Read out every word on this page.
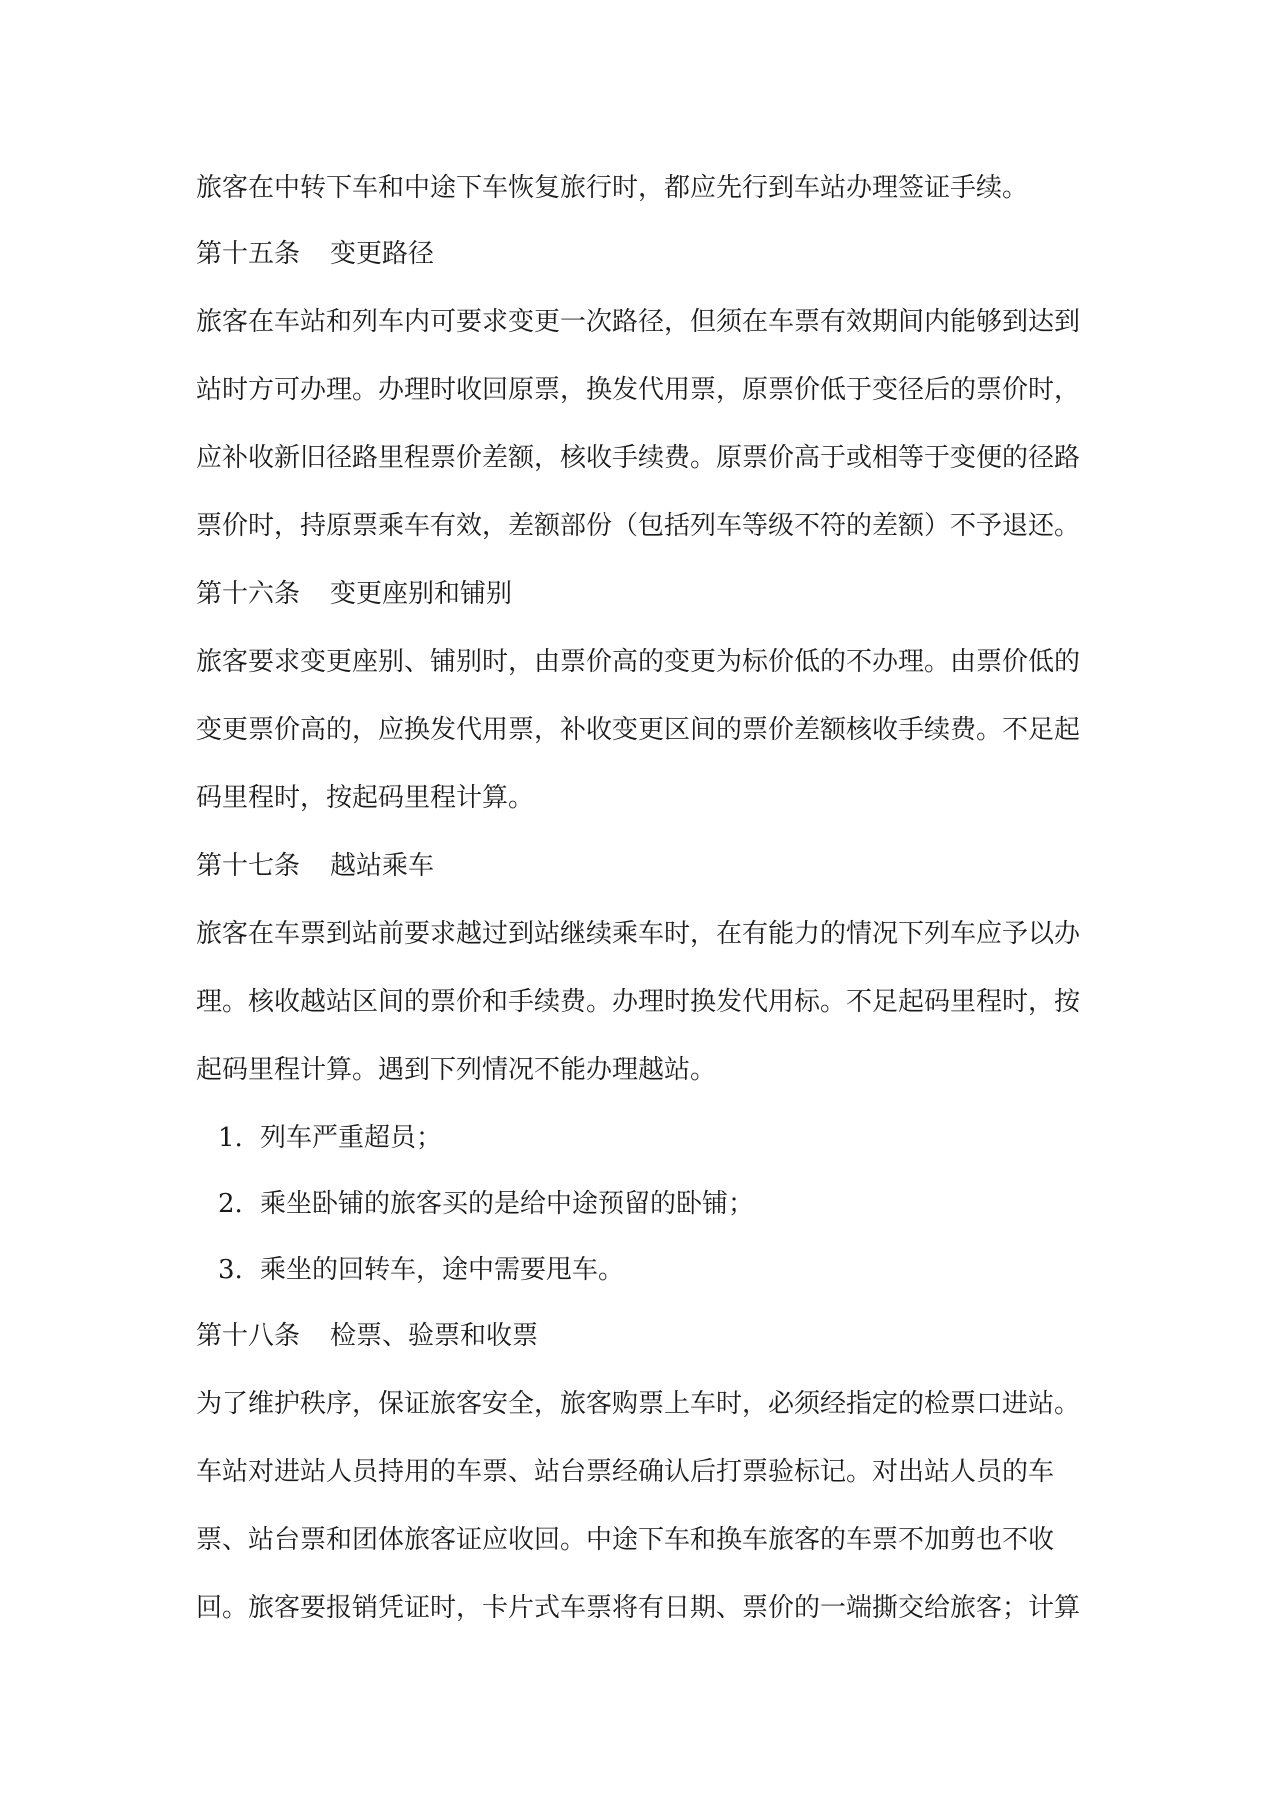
旅客在中转下车和中途下车恢复旅行时，都应先行到车站办理签证手续。
第十五条 变更路径
旅客在车站和列车内可要求变更一次路径，但须在车票有效期间内能够到达到
站时方可办理。办理时收回原票，换发代用票，原票价低于变径后的票价时，
应补收新旧径路里程票价差额，核收手续费。原票价高于或相等于变便的径路
票价时，持原票乘车有效，差额部份（包括列车等级不符的差额）不予退还。
第十六条 变更座别和铺别
旅客要求变更座别、铺别时，由票价高的变更为标价低的不办理。由票价低的
变更票价高的，应换发代用票，补收变更区间的票价差额核收手续费。不足起
码里程时，按起码里程计算。
第十七条 越站乘车
旅客在车票到站前要求越过到站继续乘车时，在有能力的情况下列车应予以办
理。核收越站区间的票价和手续费。办理时换发代用标。不足起码里程时，按
起码里程计算。遇到下列情况不能办理越站。
1. 列车严重超员；
2. 乘坐卧铺的旅客买的是给中途预留的卧铺；
3. 乘坐的回转车，途中需要甩车。
第十八条 检票、验票和收票
为了维护秩序，保证旅客安全，旅客购票上车时，必须经指定的检票口进站。
车站对进站人员持用的车票、站台票经确认后打票验标记。对出站人员的车
票、站台票和团体旅客证应收回。中途下车和换车旅客的车票不加剪也不收
回。旅客要报销凭证时，卡片式车票将有日期、票价的一端撕交给旅客；计算
